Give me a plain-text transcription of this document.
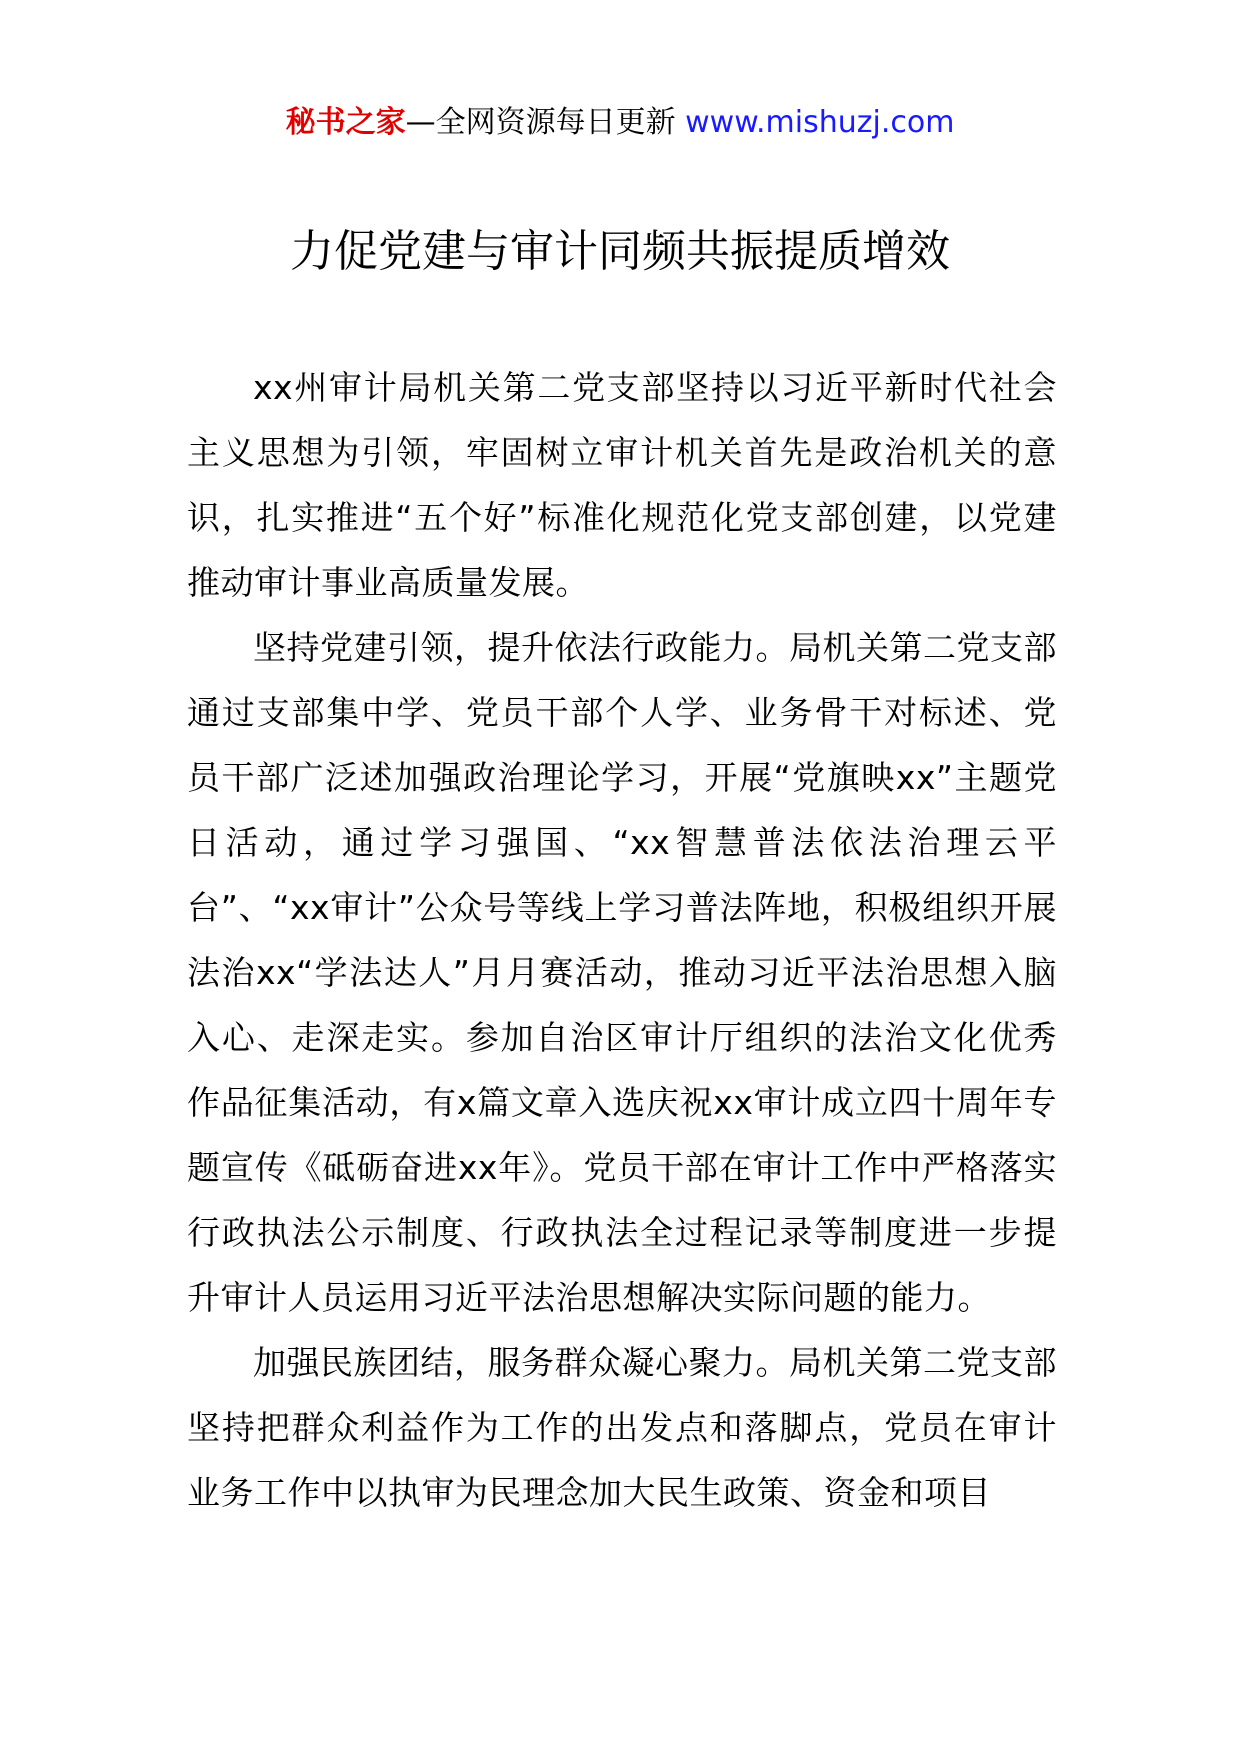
秘书之家—全网资源每日更新 www.mishuzj.com
力促党建与审计同频共振提质增效

xx州审计局机关第二党支部坚持以习近平新时代社会主义思想为引领，牢固树立审计机关首先是政治机关的意识，扎实推进“五个好”标准化规范化党支部创建，以党建推动审计事业高质量发展。

坚持党建引领，提升依法行政能力。局机关第二党支部通过支部集中学、党员干部个人学、业务骨干对标述、党员干部广泛述加强政治理论学习，开展“党旗映xx”主题党日活动，通过学习强国、“xx智慧普法依法治理云平台”、“xx审计”公众号等线上学习普法阵地，积极组织开展法治xx“学法达人”月月赛活动，推动习近平法治思想入脑入心、走深走实。参加自治区审计厅组织的法治文化优秀作品征集活动，有x篇文章入选庆祝xx审计成立四十周年专题宣传《砥砺奋进xx年》。党员干部在审计工作中严格落实行政执法公示制度、行政执法全过程记录等制度进一步提升审计人员运用习近平法治思想解决实际问题的能力。

加强民族团结，服务群众凝心聚力。局机关第二党支部坚持把群众利益作为工作的出发点和落脚点，党员在审计业务工作中以执审为民理念加大民生政策、资金和项目
